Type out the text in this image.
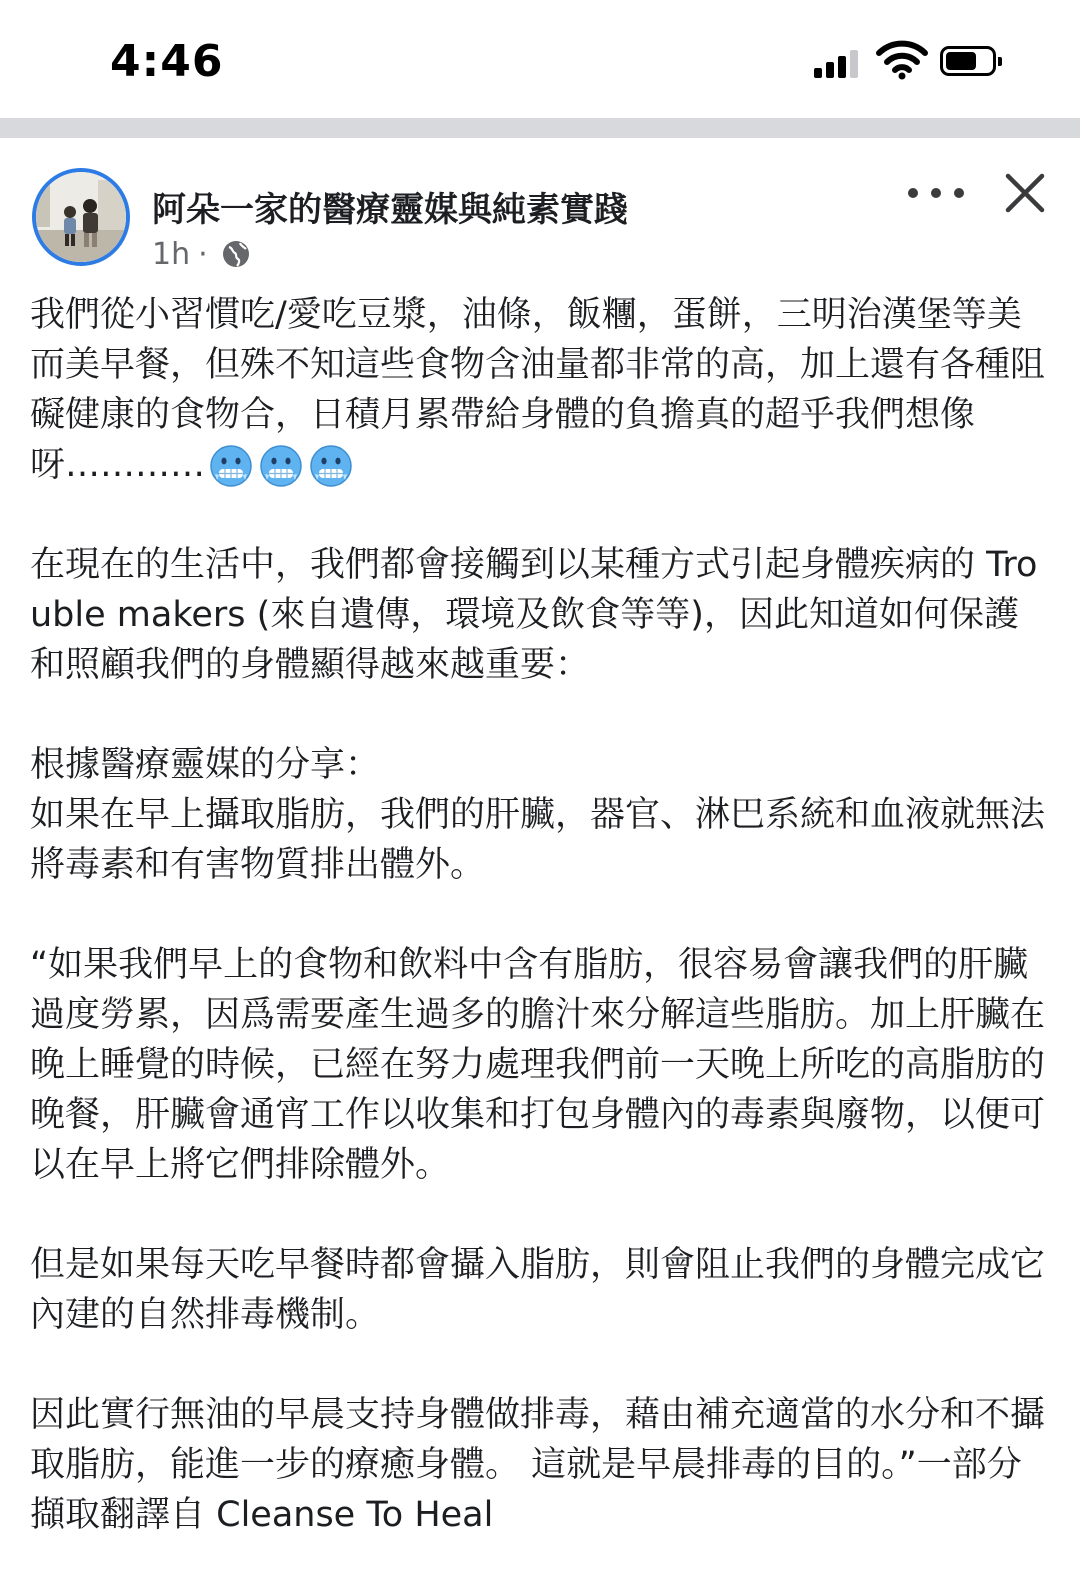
4:46
阿朵一家的醫療靈媒與純素實踐
1h ·

我們從小習慣吃/愛吃豆漿，油條，飯糰，蛋餅，三明治漢堡等美而美早餐，但殊不知這些食物含油量都非常的高，加上還有各種阻礙健康的食物合，日積月累帶給身體的負擔真的超乎我們想像呀…………

在現在的生活中，我們都會接觸到以某種方式引起身體疾病的 Trouble makers (來自遺傳，環境及飲食等等)，因此知道如何保護和照顧我們的身體顯得越來越重要：

根據醫療靈媒的分享：
如果在早上攝取脂肪，我們的肝臟，器官、淋巴系統和血液就無法將毒素和有害物質排出體外。

“如果我們早上的食物和飲料中含有脂肪，很容易會讓我們的肝臟過度勞累，因爲需要產生過多的膽汁來分解這些脂肪。加上肝臟在晚上睡覺的時候，已經在努力處理我們前一天晚上所吃的高脂肪的晚餐，肝臟會通宵工作以收集和打包身體內的毒素與廢物，以便可以在早上將它們排除體外。

但是如果每天吃早餐時都會攝入脂肪，則會阻止我們的身體完成它內建的自然排毒機制。

因此實行無油的早晨支持身體做排毒，藉由補充適當的水分和不攝取脂肪，能進一步的療癒身體。 這就是早晨排毒的目的。”一部分擷取翻譯自 Cleanse To Heal
